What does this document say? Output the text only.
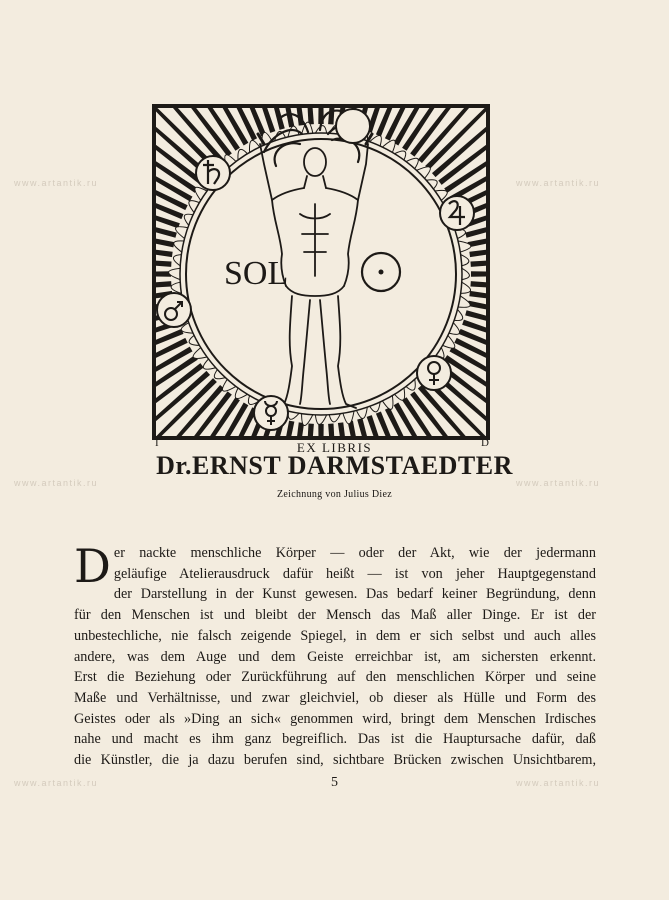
www.artantik.ru	www.artantik.ru
www.artantik.ru	www.artantik.ru
www.artantik.ru	www.artantik.ru
SOL
I	D
EX LIBRIS
Dr.ERNST DARMSTAEDTER
Zeichnung von Julius Diez
D er nackte menschliche Körper — oder der Akt, wie der jedermann
geläufige Atelierausdruck dafür heißt — ist von jeher Hauptgegenstand
der Darstellung in der Kunst gewesen. Das bedarf keiner Begründung, denn
für den Menschen ist und bleibt der Mensch das Maß aller Dinge. Er ist der
unbestechliche, nie falsch zeigende Spiegel, in dem er sich selbst und auch alles
andere, was dem Auge und dem Geiste erreichbar ist, am sichersten erkennt.
Erst die Beziehung oder Zurückführung auf den menschlichen Körper und seine
Maße und Verhältnisse, und zwar gleichviel, ob dieser als Hülle und Form des
Geistes oder als »Ding an sich« genommen wird, bringt dem Menschen Irdisches
nahe und macht es ihm ganz begreiflich. Das ist die Hauptursache dafür, daß
die Künstler, die ja dazu berufen sind, sichtbare Brücken zwischen Unsichtbarem,
5
